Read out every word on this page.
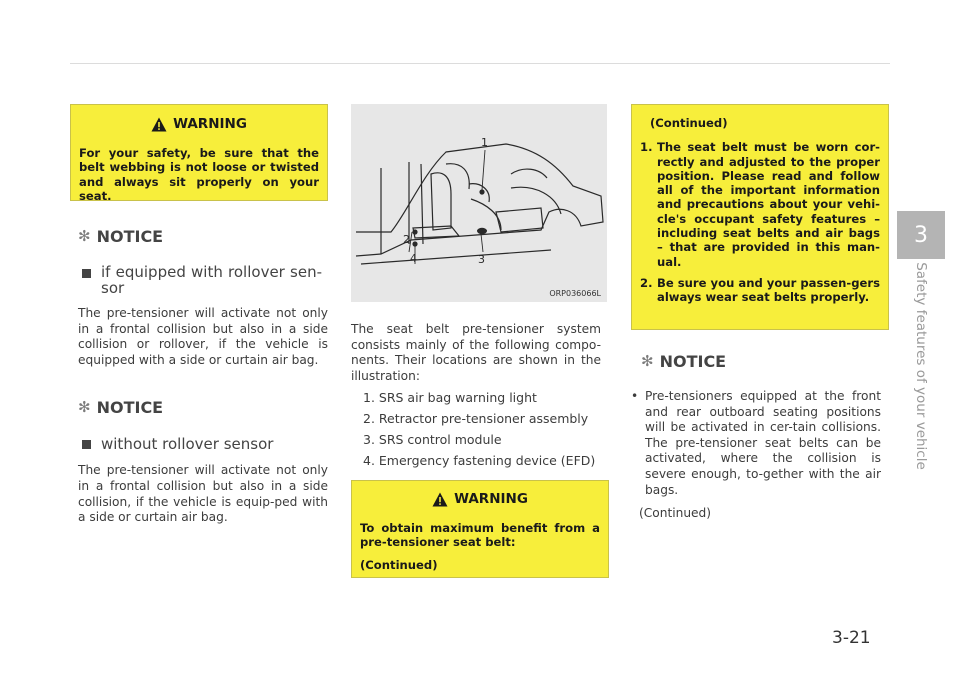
WARNING
For your safety, be sure that the belt webbing is not loose or twisted and always sit properly on your seat.
✻ NOTICE
if equipped with rollover sen-sor
The pre-tensioner will activate not only in a frontal collision but also in a side collision or rollover, if the vehicle is equipped with a side or curtain air bag.
✻ NOTICE
without rollover sensor
The pre-tensioner will activate not only in a frontal collision but also in a side collision, if the vehicle is equip-ped with a side or curtain air bag.
1
2
3
4
ORP036066L
The seat belt pre-tensioner system consists mainly of the following compo-nents. Their locations are shown in the illustration:
1. SRS air bag warning light
2. Retractor pre-tensioner assembly
3. SRS control module
4. Emergency fastening device (EFD)
WARNING
To obtain maximum benefit from a pre-tensioner seat belt:
(Continued)
(Continued)
1. The seat belt must be worn cor-rectly and adjusted to the proper position. Please read and follow all of the important information and precautions about your vehi-cle's occupant safety features – including seat belts and air bags – that are provided in this man-ual.
2. Be sure you and your passen-gers always wear seat belts properly.
✻ NOTICE
• Pre-tensioners equipped at the front and rear outboard seating positions will be activated in cer-tain collisions. The pre-tensioner seat belts can be activated, where the collision is severe enough, to-gether with the air bags.
(Continued)
3
Safety features of your vehicle
3-21
